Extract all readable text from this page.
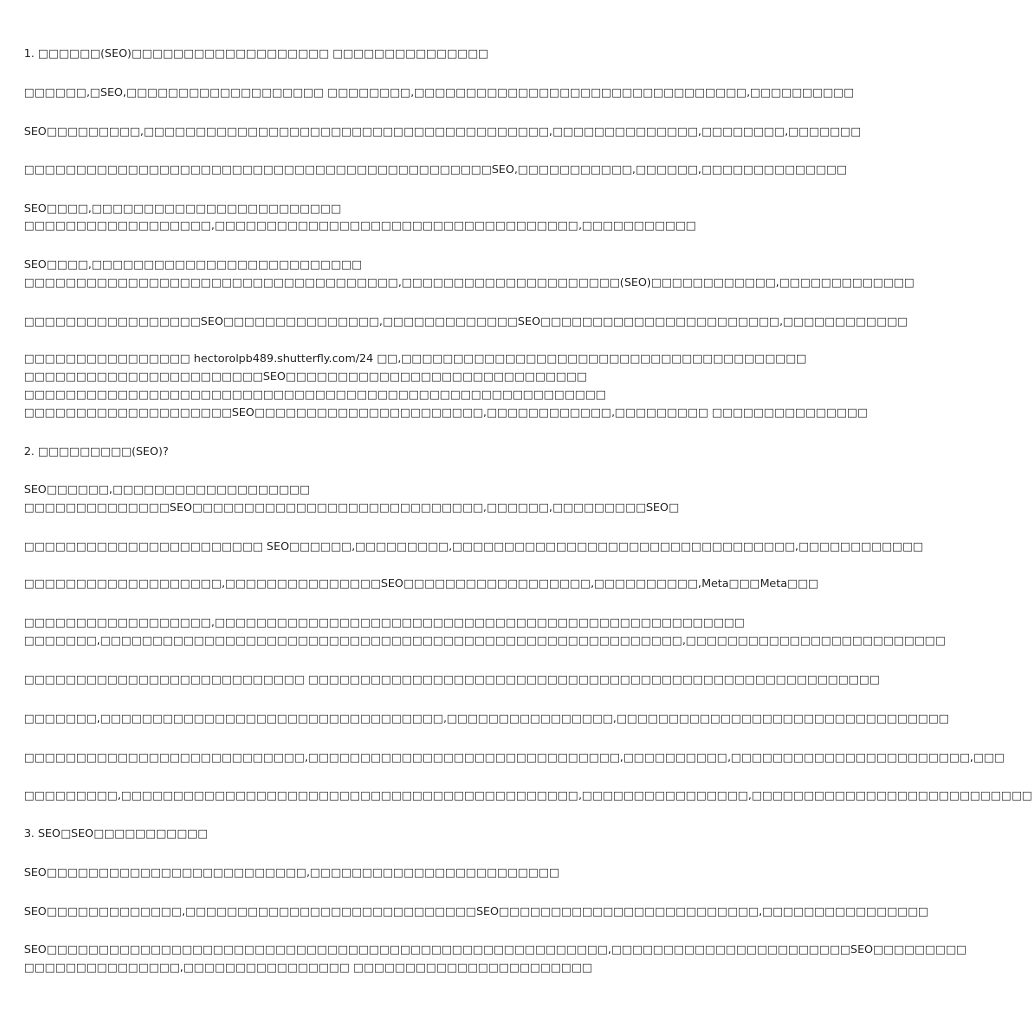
1. □□□□□□(SEO)□□□□□□□□□□□□□□□□□□□ □□□□□□□□□□□□□□□

□□□□□□,□SEO,□□□□□□□□□□□□□□□□□□□ □□□□□□□□,□□□□□□□□□□□□□□□□□□□□□□□□□□□□□□□□,□□□□□□□□□□

SEO□□□□□□□□□,□□□□□□□□□□□□□□□□□□□□□□□□□□□□□□□□□□□□□□□,□□□□□□□□□□□□□□,□□□□□□□□,□□□□□□□

□□□□□□□□□□□□□□□□□□□□□□□□□□□□□□□□□□□□□□□□□□□□□SEO,□□□□□□□□□□□,□□□□□□,□□□□□□□□□□□□□□

SEO□□□□,□□□□□□□□□□□□□□□□□□□□□□□□

□□□□□□□□□□□□□□□□□□,□□□□□□□□□□□□□□□□□□□□□□□□□□□□□□□□□□□,□□□□□□□□□□□

SEO□□□□,□□□□□□□□□□□□□□□□□□□□□□□□□□

□□□□□□□□□□□□□□□□□□□□□□□□□□□□□□□□□□□□,□□□□□□□□□□□□□□□□□□□□□(SEO)□□□□□□□□□□□□,□□□□□□□□□□□□□

□□□□□□□□□□□□□□□□□SEO□□□□□□□□□□□□□□□,□□□□□□□□□□□□□SEO□□□□□□□□□□□□□□□□□□□□□□□,□□□□□□□□□□□□

□□□□□□□□□□□□□□□□ hectorolpb489.shutterfly.com/24 □□,□□□□□□□□□□□□□□□□□□□□□□□□□□□□□□□□□□□□□□□

□□□□□□□□□□□□□□□□□□□□□□□SEO□□□□□□□□□□□□□□□□□□□□□□□□□□□□□

□□□□□□□□□□□□□□□□□□□□□□□□□□□□□□□□□□□□□□□□□□□□□□□□□□□□□□□□

□□□□□□□□□□□□□□□□□□□□SEO□□□□□□□□□□□□□□□□□□□□□□,□□□□□□□□□□□□,□□□□□□□□□ □□□□□□□□□□□□□□□

2. □□□□□□□□□(SEO)?

SEO□□□□□□,□□□□□□□□□□□□□□□□□□□

□□□□□□□□□□□□□□SEO□□□□□□□□□□□□□□□□□□□□□□□□□□□□,□□□□□□,□□□□□□□□□SEO□

□□□□□□□□□□□□□□□□□□□□□□□ SEO□□□□□□,□□□□□□□□□,□□□□□□□□□□□□□□□□□□□□□□□□□□□□□□□□□,□□□□□□□□□□□□

□□□□□□□□□□□□□□□□□□□,□□□□□□□□□□□□□□□SEO□□□□□□□□□□□□□□□□□□,□□□□□□□□□□,Meta□□□Meta□□□

□□□□□□□□□□□□□□□□□□,□□□□□□□□□□□□□□□□□□□□□□□□□□□□□□□□□□□□□□□□□□□□□□□□□□□

□□□□□□□,□□□□□□□□□□□□□□□□□□□□□□□□□□□□□□□□□□□□□□□□□□□□□□□□□□□□□□□□,□□□□□□□□□□□□□□□□□□□□□□□□□

□□□□□□□□□□□□□□□□□□□□□□□□□□□ □□□□□□□□□□□□□□□□□□□□□□□□□□□□□□□□□□□□□□□□□□□□□□□□□□□□□□□

□□□□□□□,□□□□□□□□□□□□□□□□□□□□□□□□□□□□□□□□□,□□□□□□□□□□□□□□□□,□□□□□□□□□□□□□□□□□□□□□□□□□□□□□□□□

□□□□□□□□□□□□□□□□□□□□□□□□□□□,□□□□□□□□□□□□□□□□□□□□□□□□□□□□□□,□□□□□□□□□□,□□□□□□□□□□□□□□□□□□□□□□□,□□□

□□□□□□□□□,□□□□□□□□□□□□□□□□□□□□□□□□□□□□□□□□□□□□□□□□□□□□,□□□□□□□□□□□□□□□□,□□□□□□□□□□□□□□□□□□□□□□□□□□□

3. SEO□SEO□□□□□□□□□□□

SEO□□□□□□□□□□□□□□□□□□□□□□□□□,□□□□□□□□□□□□□□□□□□□□□□□□

SEO□□□□□□□□□□□□□,□□□□□□□□□□□□□□□□□□□□□□□□□□□□SEO□□□□□□□□□□□□□□□□□□□□□□□□□,□□□□□□□□□□□□□□□□

SEO□□□□□□□□□□□□□□□□□□□□□□□□□□□□□□□□□□□□□□□□□□□□□□□□□□□□□□,□□□□□□□□□□□□□□□□□□□□□□□SEO□□□□□□□□□

□□□□□□□□□□□□□□□,□□□□□□□□□□□□□□□□ □□□□□□□□□□□□□□□□□□□□□□□
